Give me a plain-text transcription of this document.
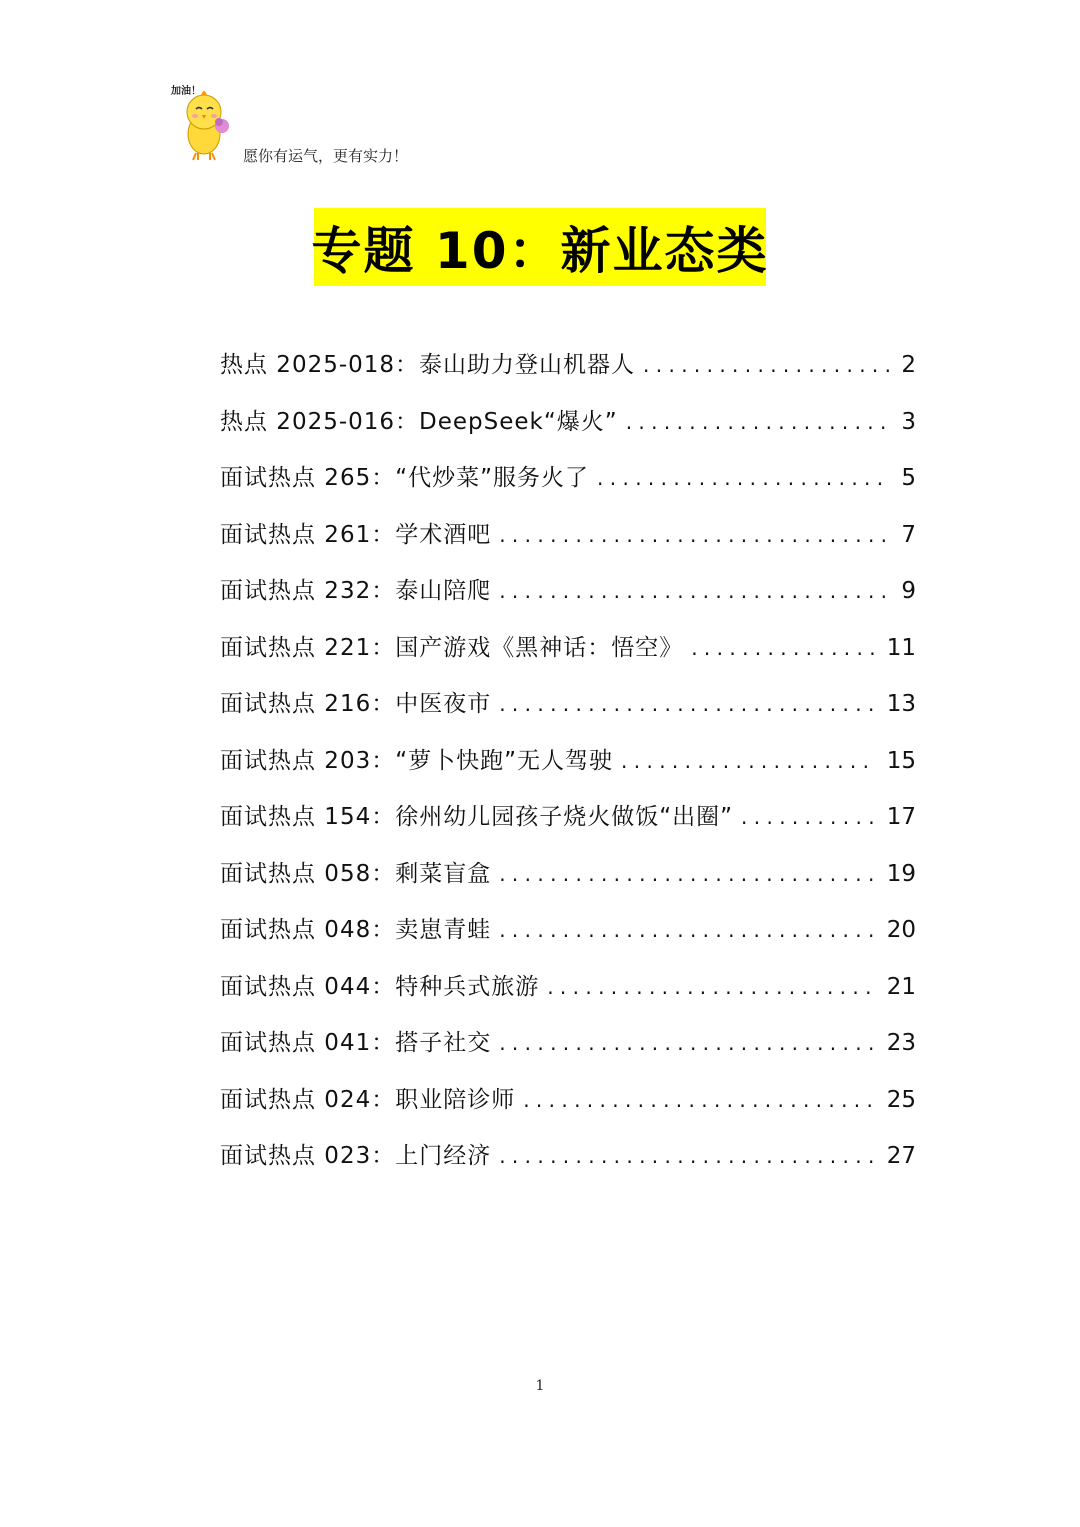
加油！
愿你有运气，更有实力！
专题 10：新业态类
热点 2025-018：泰山助力登山机器人 . . .	2
热点 2025-016：DeepSeek“爆火” . . .	3
面试热点 265：“代炒菜”服务火了 . . .	5
面试热点 261：学术酒吧 . . .	7
面试热点 232：泰山陪爬 . . .	9
面试热点 221：国产游戏《黑神话：悟空》 . . .	11
面试热点 216：中医夜市 . . .	13
面试热点 203：“萝卜快跑”无人驾驶 . . .	15
面试热点 154：徐州幼儿园孩子烧火做饭“出圈” . . .	17
面试热点 058：剩菜盲盒 . . .	19
面试热点 048：卖崽青蛙 . . .	20
面试热点 044：特种兵式旅游 . . .	21
面试热点 041：搭子社交 . . .	23
面试热点 024：职业陪诊师 . . .	25
面试热点 023：上门经济 . . .	27
1
